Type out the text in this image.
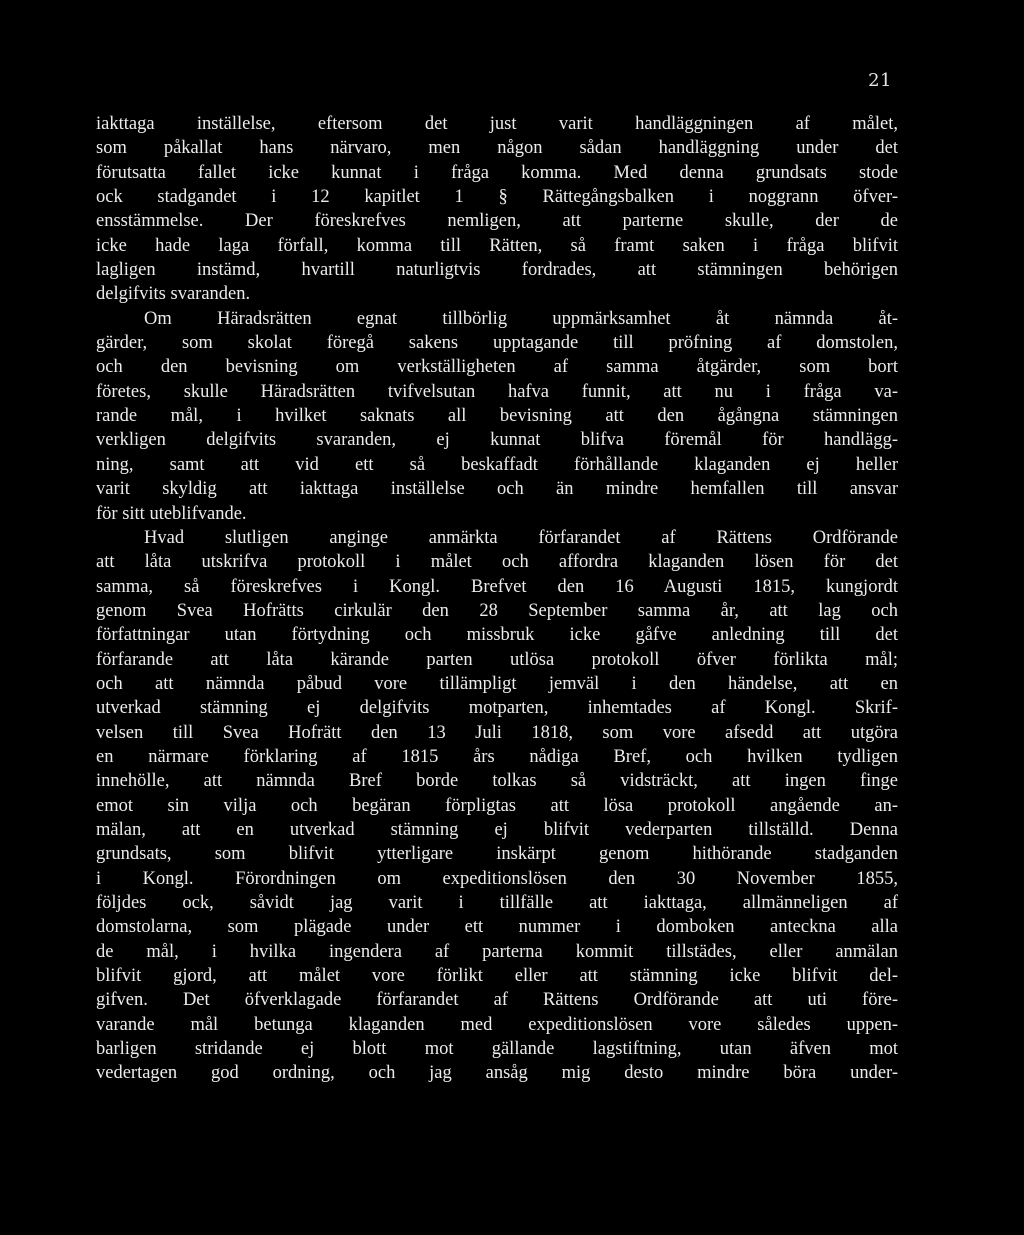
21
iakttaga inställelse, eftersom det just varit handläggningen af målet,
som påkallat hans närvaro, men någon sådan handläggning under det
förutsatta fallet icke kunnat i fråga komma. Med denna grundsats stode
ock stadgandet i 12 kapitlet 1 § Rättegångsbalken i noggrann öfver-
ensstämmelse. Der föreskrefves nemligen, att parterne skulle, der de
icke hade laga förfall, komma till Rätten, så framt saken i fråga blifvit
lagligen instämd, hvartill naturligtvis fordrades, att stämningen behörigen
delgifvits svaranden.
Om Häradsrätten egnat tillbörlig uppmärksamhet åt nämnda åt-
gärder, som skolat föregå sakens upptagande till pröfning af domstolen,
och den bevisning om verkställigheten af samma åtgärder, som bort
företes, skulle Häradsrätten tvifvelsutan hafva funnit, att nu i fråga va-
rande mål, i hvilket saknats all bevisning att den ågångna stämningen
verkligen delgifvits svaranden, ej kunnat blifva föremål för handlägg-
ning, samt att vid ett så beskaffadt förhållande klaganden ej heller
varit skyldig att iakttaga inställelse och än mindre hemfallen till ansvar
för sitt uteblifvande.
Hvad slutligen anginge anmärkta förfarandet af Rättens Ordförande
att låta utskrifva protokoll i målet och affordra klaganden lösen för det
samma, så föreskrefves i Kongl. Brefvet den 16 Augusti 1815, kungjordt
genom Svea Hofrätts cirkulär den 28 September samma år, att lag och
författningar utan förtydning och missbruk icke gåfve anledning till det
förfarande att låta kärande parten utlösa protokoll öfver förlikta mål;
och att nämnda påbud vore tillämpligt jemväl i den händelse, att en
utverkad stämning ej delgifvits motparten, inhemtades af Kongl. Skrif-
velsen till Svea Hofrätt den 13 Juli 1818, som vore afsedd att utgöra
en närmare förklaring af 1815 års nådiga Bref, och hvilken tydligen
innehölle, att nämnda Bref borde tolkas så vidsträckt, att ingen finge
emot sin vilja och begäran förpligtas att lösa protokoll angående an-
mälan, att en utverkad stämning ej blifvit vederparten tillställd. Denna
grundsats, som blifvit ytterligare inskärpt genom hithörande stadganden
i Kongl. Förordningen om expeditionslösen den 30 November 1855,
följdes ock, såvidt jag varit i tillfälle att iakttaga, allmänneligen af
domstolarna, som plägade under ett nummer i domboken anteckna alla
de mål, i hvilka ingendera af parterna kommit tillstädes, eller anmälan
blifvit gjord, att målet vore förlikt eller att stämning icke blifvit del-
gifven. Det öfverklagade förfarandet af Rättens Ordförande att uti före-
varande mål betunga klaganden med expeditionslösen vore således uppen-
barligen stridande ej blott mot gällande lagstiftning, utan äfven mot
vedertagen god ordning, och jag ansåg mig desto mindre böra under-
